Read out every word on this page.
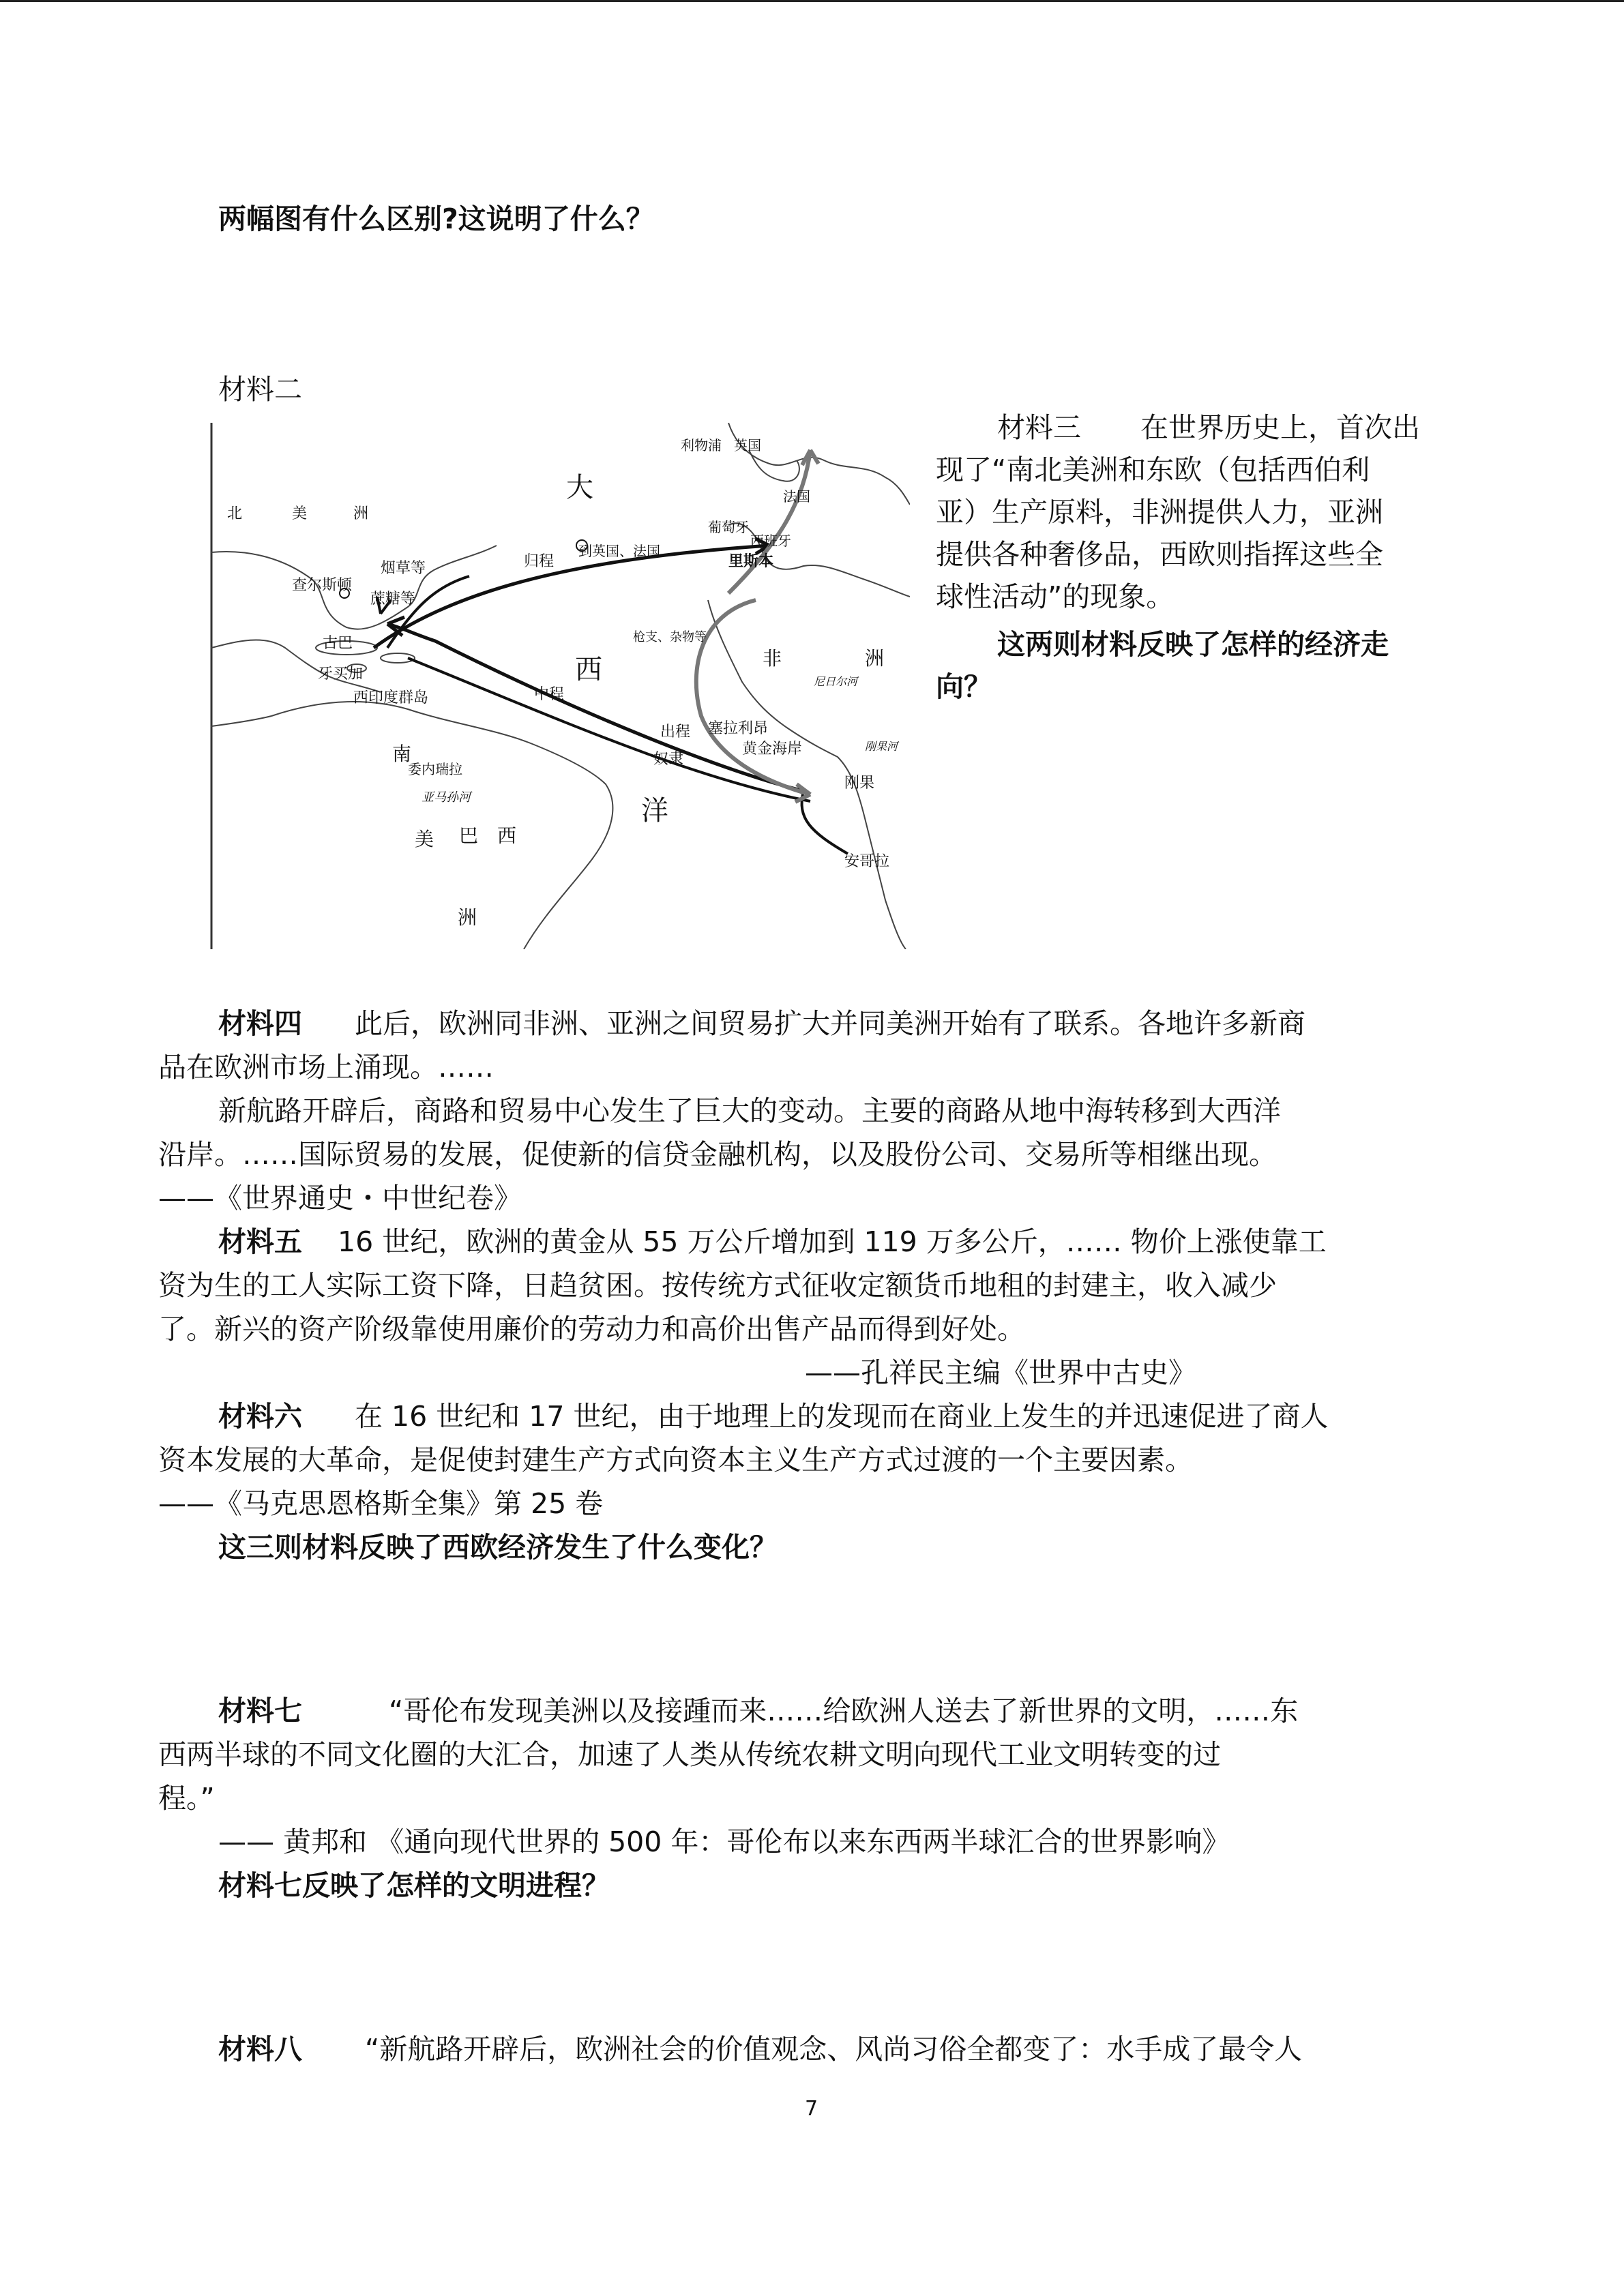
两幅图有什么区别?这说明了什么？
材料二
北	美	洲
大
西
洋
非	洲
南
美 巴　西
洲
查尔斯顿
古巴
牙买加
西印度群岛
委内瑞拉
亚马孙河
利物浦 英国
法国
葡萄牙
西班牙
里斯本
塞拉利昂
黄金海岸
刚果
安哥拉
尼日尔河
刚果河
烟草等
蔗糖等
归程
到英国、法国
中程
奴隶
出程
枪支、杂物等
材料三 在世界历史上，首次出
现了“南北美洲和东欧（包括西伯利
亚）生产原料，非洲提供人力，亚洲
提供各种奢侈品，西欧则指挥这些全
球性活动”的现象。
这两则材料反映了怎样的经济走
向？
材料四 此后，欧洲同非洲、亚洲之间贸易扩大并同美洲开始有了联系。各地许多新商
品在欧洲市场上涌现。……
新航路开辟后，商路和贸易中心发生了巨大的变动。主要的商路从地中海转移到大西洋
沿岸。……国际贸易的发展，促使新的信贷金融机构，以及股份公司、交易所等相继出现。
——《世界通史・中世纪卷》
材料五 16 世纪，欧洲的黄金从 55 万公斤增加到 119 万多公斤，…… 物价上涨使靠工
资为生的工人实际工资下降，日趋贫困。按传统方式征收定额货币地租的封建主，收入减少
了。新兴的资产阶级靠使用廉价的劳动力和高价出售产品而得到好处。
——孔祥民主编《世界中古史》
材料六 在 16 世纪和 17 世纪，由于地理上的发现而在商业上发生的并迅速促进了商人
资本发展的大革命，是促使封建生产方式向资本主义生产方式过渡的一个主要因素。
——《马克思恩格斯全集》第 25 卷
这三则材料反映了西欧经济发生了什么变化？
材料七	“哥伦布发现美洲以及接踵而来……给欧洲人送去了新世界的文明，……东
西两半球的不同文化圈的大汇合，加速了人类从传统农耕文明向现代工业文明转变的过
程。”
—— 黄邦和 《通向现代世界的 500 年：哥伦布以来东西两半球汇合的世界影响》
材料七反映了怎样的文明进程？
材料八 “新航路开辟后，欧洲社会的价值观念、风尚习俗全都变了：水手成了最令人
7
